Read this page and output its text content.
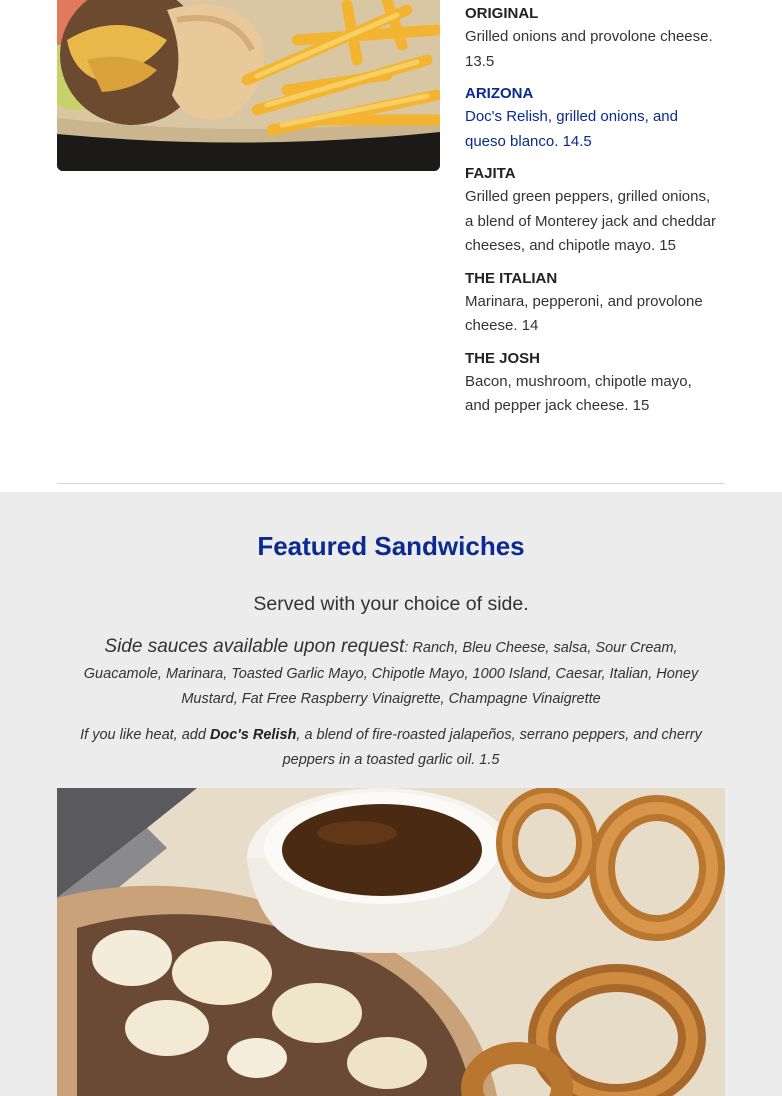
ORIGINAL
Grilled onions and provolone cheese. 13.5
ARIZONA
Doc's Relish, grilled onions, and queso blanco. 14.5
FAJITA
Grilled green peppers, grilled onions, a blend of Monterey jack and cheddar cheeses, and chipotle mayo. 15
THE ITALIAN
Marinara, pepperoni, and provolone cheese. 14
THE JOSH
Bacon, mushroom, chipotle mayo, and pepper jack cheese. 15
Featured Sandwiches

Served with your choice of side.

Side sauces available upon request: Ranch, Bleu Cheese, salsa, Sour Cream, Guacamole, Marinara, Toasted Garlic Mayo, Chipotle Mayo, 1000 Island, Caesar, Italian, Honey Mustard, Fat Free Raspberry Vinaigrette, Champagne Vinaigrette

If you like heat, add Doc's Relish, a blend of fire-roasted jalapeños, serrano peppers, and cherry peppers in a toasted garlic oil. 1.5
